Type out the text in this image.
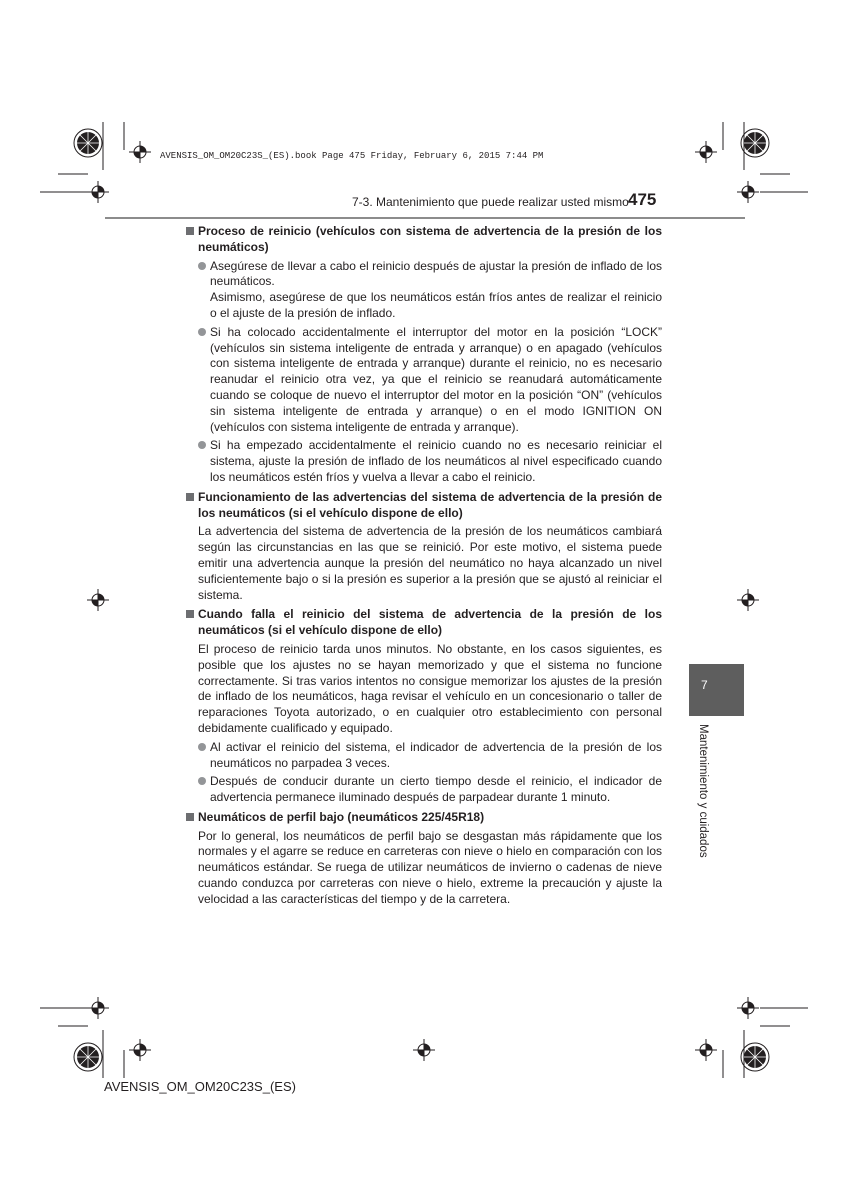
AVENSIS_OM_OM20C23S_(ES).book Page 475 Friday, February 6, 2015 7:44 PM
7-3. Mantenimiento que puede realizar usted mismo 475
7
Mantenimiento y cuidados
Proceso de reinicio (vehículos con sistema de advertencia de la presión de los neumáticos)
Asegúrese de llevar a cabo el reinicio después de ajustar la presión de inflado de los neumáticos.
Asimismo, asegúrese de que los neumáticos están fríos antes de realizar el reinicio o el ajuste de la presión de inflado.
Si ha colocado accidentalmente el interruptor del motor en la posición “LOCK” (vehículos sin sistema inteligente de entrada y arranque) o en apagado (vehículos con sistema inteligente de entrada y arranque) durante el reinicio, no es necesario reanudar el reinicio otra vez, ya que el reinicio se reanudará automáticamente cuando se coloque de nuevo el interruptor del motor en la posición “ON” (vehículos sin sistema inteligente de entrada y arranque) o en el modo IGNITION ON (vehículos con sistema inteligente de entrada y arranque).
Si ha empezado accidentalmente el reinicio cuando no es necesario reiniciar el sistema, ajuste la presión de inflado de los neumáticos al nivel especificado cuando los neumáticos estén fríos y vuelva a llevar a cabo el reinicio.
Funcionamiento de las advertencias del sistema de advertencia de la presión de los neumáticos (si el vehículo dispone de ello)
La advertencia del sistema de advertencia de la presión de los neumáticos cambiará según las circunstancias en las que se reinició. Por este motivo, el sistema puede emitir una advertencia aunque la presión del neumático no haya alcanzado un nivel suficientemente bajo o si la presión es superior a la presión que se ajustó al reiniciar el sistema.
Cuando falla el reinicio del sistema de advertencia de la presión de los neumáticos (si el vehículo dispone de ello)
El proceso de reinicio tarda unos minutos. No obstante, en los casos siguientes, es posible que los ajustes no se hayan memorizado y que el sistema no funcione correctamente. Si tras varios intentos no consigue memorizar los ajustes de la presión de inflado de los neumáticos, haga revisar el vehículo en un concesionario o taller de reparaciones Toyota autorizado, o en cualquier otro establecimiento con personal debidamente cualificado y equipado.
Al activar el reinicio del sistema, el indicador de advertencia de la presión de los neumáticos no parpadea 3 veces.
Después de conducir durante un cierto tiempo desde el reinicio, el indicador de advertencia permanece iluminado después de parpadear durante 1 minuto.
Neumáticos de perfil bajo (neumáticos 225/45R18)
Por lo general, los neumáticos de perfil bajo se desgastan más rápidamente que los normales y el agarre se reduce en carreteras con nieve o hielo en comparación con los neumáticos estándar. Se ruega de utilizar neumáticos de invierno o cadenas de nieve cuando conduzca por carreteras con nieve o hielo, extreme la precaución y ajuste la velocidad a las características del tiempo y de la carretera.
AVENSIS_OM_OM20C23S_(ES)
